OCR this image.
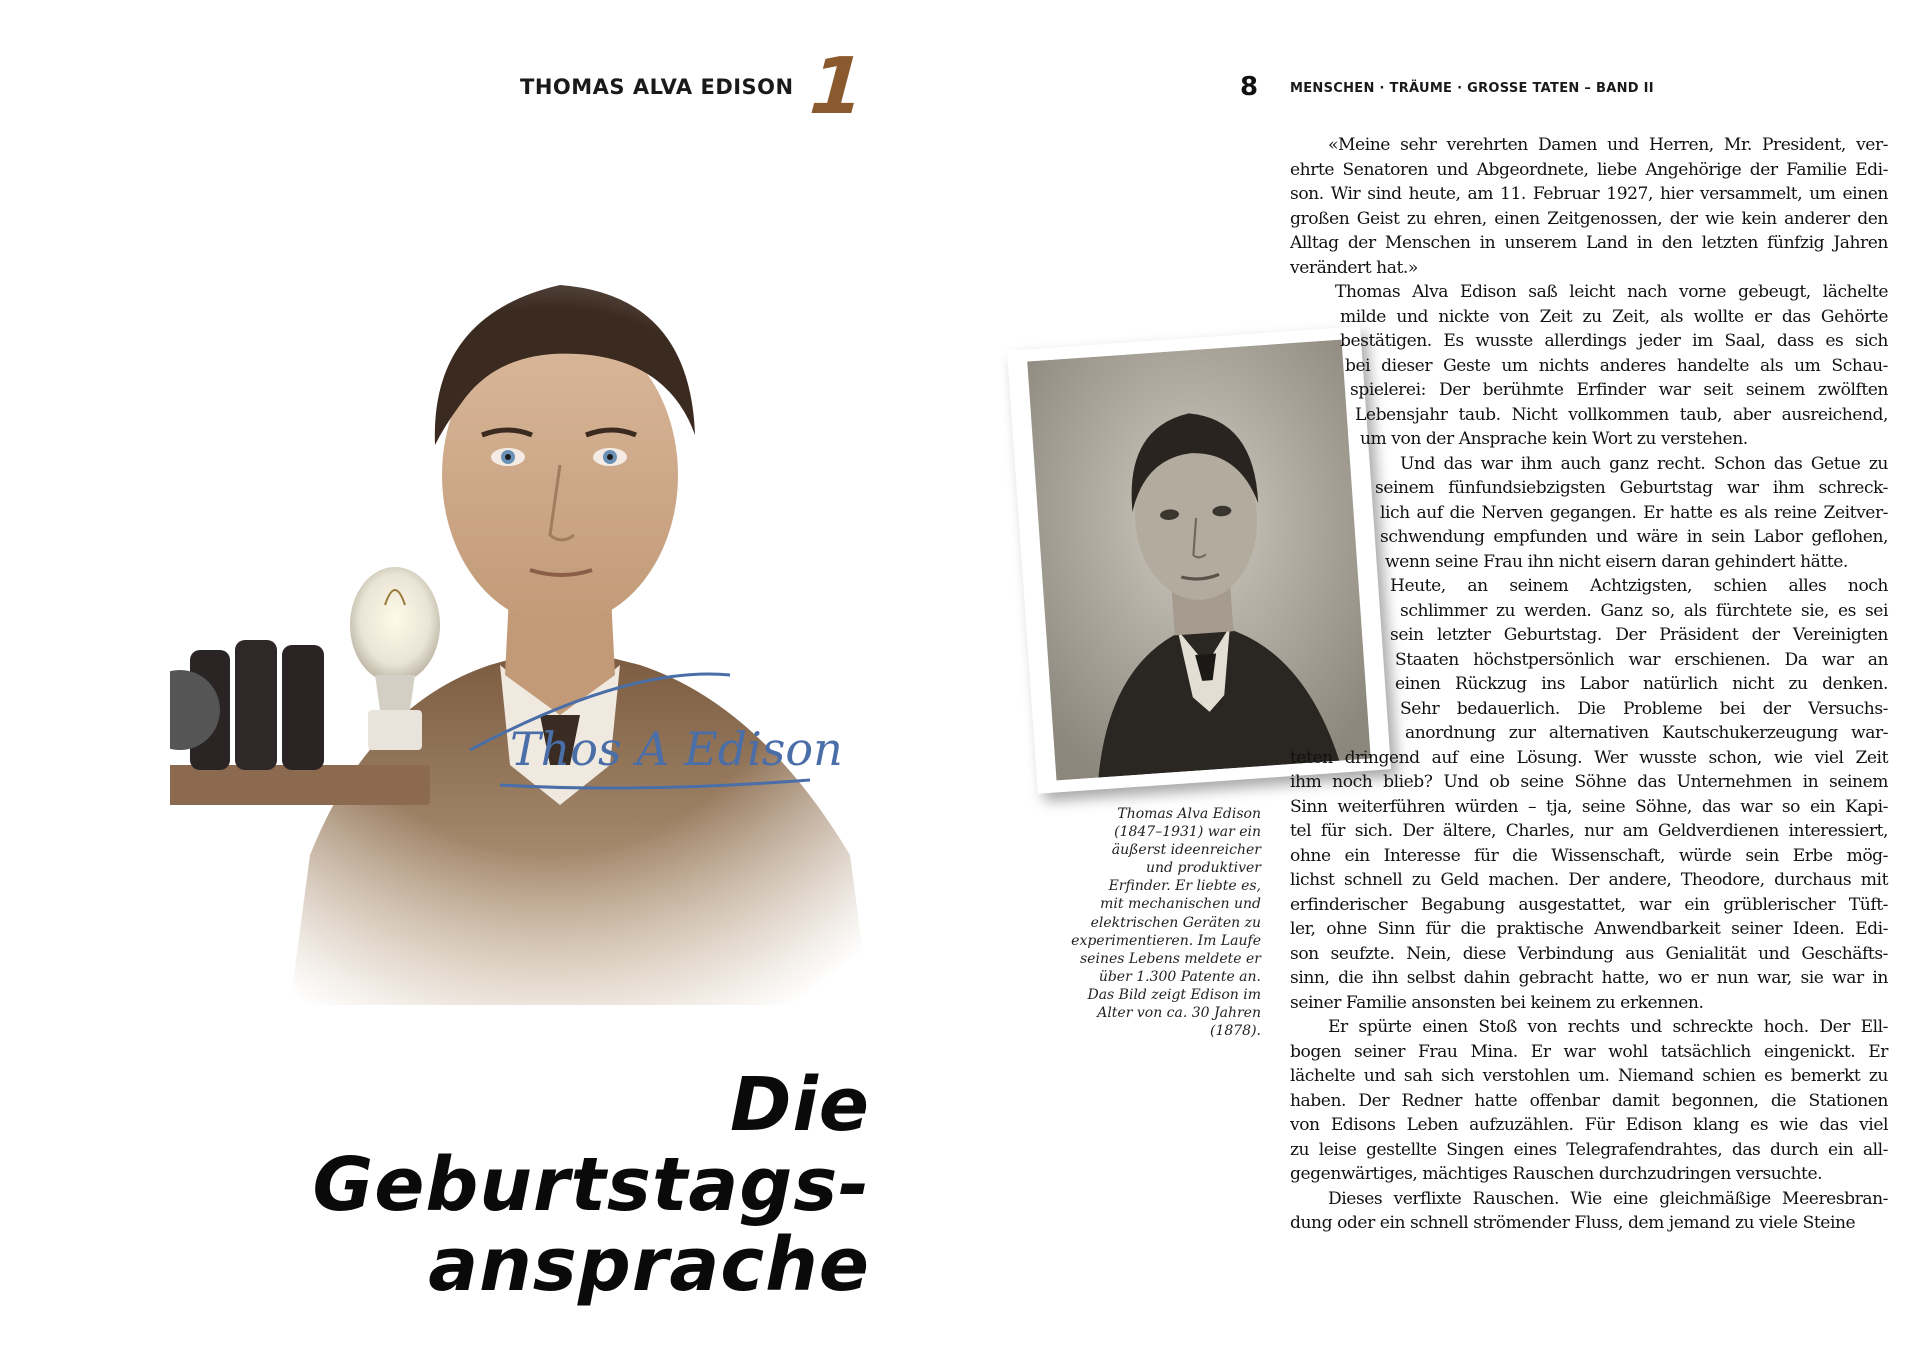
THOMAS ALVA EDISON 1
Thos A Edison
Die Geburtstags-
ansprache
8 MENSCHEN · TRÄUME · GROSSE TATEN – BAND II
Thomas Alva Edison
(1847–1931) war ein
äußerst ideenreicher
und produktiver
Erfinder. Er liebte es,
mit mechanischen und
elektrischen Geräten zu
experimentieren. Im Laufe
seines Lebens meldete er
über 1.300 Patente an.
Das Bild zeigt Edison im
Alter von ca. 30 Jahren
(1878).
«Meine sehr verehrten Damen und Herren, Mr. President, ver-
ehrte Senatoren und Abgeordnete, liebe Angehörige der Familie Edi-
son. Wir sind heute, am 11. Februar 1927, hier versammelt, um einen
großen Geist zu ehren, einen Zeitgenossen, der wie kein anderer den
Alltag der Menschen in unserem Land in den letzten fünfzig Jahren
verändert hat.»
Thomas Alva Edison saß leicht nach vorne gebeugt, lächelte
milde und nickte von Zeit zu Zeit, als wollte er das Gehörte
bestätigen. Es wusste allerdings jeder im Saal, dass es sich
bei dieser Geste um nichts anderes handelte als um Schau-
spielerei: Der berühmte Erfinder war seit seinem zwölften
Lebensjahr taub. Nicht vollkommen taub, aber ausreichend,
um von der Ansprache kein Wort zu verstehen.
Und das war ihm auch ganz recht. Schon das Getue zu
seinem fünfundsiebzigsten Geburtstag war ihm schreck-
lich auf die Nerven gegangen. Er hatte es als reine Zeitver-
schwendung empfunden und wäre in sein Labor geflohen,
wenn seine Frau ihn nicht eisern daran gehindert hätte.
Heute, an seinem Achtzigsten, schien alles noch
schlimmer zu werden. Ganz so, als fürchtete sie, es sei
sein letzter Geburtstag. Der Präsident der Vereinigten
Staaten höchstpersönlich war erschienen. Da war an
einen Rückzug ins Labor natürlich nicht zu denken.
Sehr bedauerlich. Die Probleme bei der Versuchs-
anordnung zur alternativen Kautschukerzeugung war-
teten dringend auf eine Lösung. Wer wusste schon, wie viel Zeit
ihm noch blieb? Und ob seine Söhne das Unternehmen in seinem
Sinn weiterführen würden – tja, seine Söhne, das war so ein Kapi-
tel für sich. Der ältere, Charles, nur am Geldverdienen interessiert,
ohne ein Interesse für die Wissenschaft, würde sein Erbe mög-
lichst schnell zu Geld machen. Der andere, Theodore, durchaus mit
erfinderischer Begabung ausgestattet, war ein grüblerischer Tüft-
ler, ohne Sinn für die praktische Anwendbarkeit seiner Ideen. Edi-
son seufzte. Nein, diese Verbindung aus Genialität und Geschäfts-
sinn, die ihn selbst dahin gebracht hatte, wo er nun war, sie war in
seiner Familie ansonsten bei keinem zu erkennen.
Er spürte einen Stoß von rechts und schreckte hoch. Der Ell-
bogen seiner Frau Mina. Er war wohl tatsächlich eingenickt. Er
lächelte und sah sich verstohlen um. Niemand schien es bemerkt zu
haben. Der Redner hatte offenbar damit begonnen, die Stationen
von Edisons Leben aufzuzählen. Für Edison klang es wie das viel
zu leise gestellte Singen eines Telegrafendrahtes, das durch ein all-
gegenwärtiges, mächtiges Rauschen durchzudringen versuchte.
Dieses verflixte Rauschen. Wie eine gleichmäßige Meeresbran-
dung oder ein schnell strömender Fluss, dem jemand zu viele Steine
